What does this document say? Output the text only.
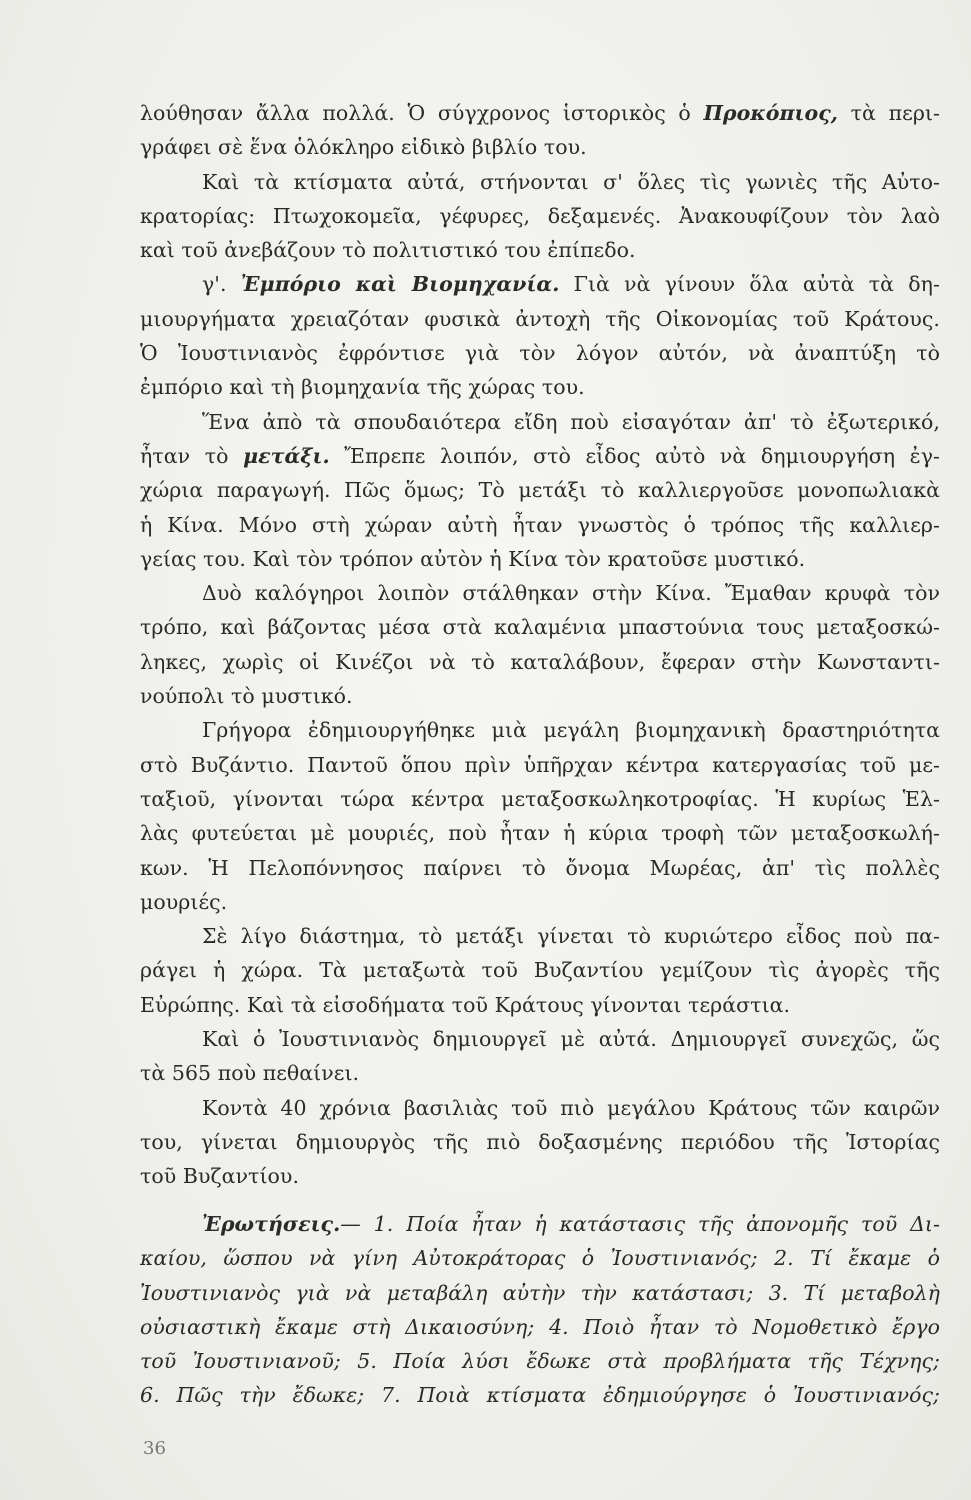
λούθησαν ἄλλα πολλά. Ὁ σύγχρονος ἱστορικὸς ὁ Προκόπιος, τὰ περι-
γράφει σὲ ἕνα ὁλόκληρο εἰδικὸ βιβλίο του.
Καὶ τὰ κτίσματα αὐτά, στήνονται σ' ὅλες τὶς γωνιὲς τῆς Αὐτο-
κρατορίας: Πτωχοκομεῖα, γέφυρες, δεξαμενές. Ἀνακουφίζουν τὸν λαὸ
καὶ τοῦ ἀνεβάζουν τὸ πολιτιστικό του ἐπίπεδο.
γ'. Ἐμπόριο καὶ Βιομηχανία. Γιὰ νὰ γίνουν ὅλα αὐτὰ τὰ δη-
μιουργήματα χρειαζόταν φυσικὰ ἀντοχὴ τῆς Οἰκονομίας τοῦ Κράτους.
Ὁ Ἰουστινιανὸς ἐφρόντισε γιὰ τὸν λόγον αὐτόν, νὰ ἀναπτύξη τὸ
ἐμπόριο καὶ τὴ βιομηχανία τῆς χώρας του.
Ἕνα ἀπὸ τὰ σπουδαιότερα εἴδη ποὺ εἰσαγόταν ἀπ' τὸ ἐξωτερικό,
ἦταν τὸ μετάξι. Ἔπρεπε λοιπόν, στὸ εἶδος αὐτὸ νὰ δημιουργήση ἐγ-
χώρια παραγωγή. Πῶς ὅμως; Τὸ μετάξι τὸ καλλιεργοῦσε μονοπωλιακὰ
ἡ Κίνα. Μόνο στὴ χώραν αὐτὴ ἦταν γνωστὸς ὁ τρόπος τῆς καλλιερ-
γείας του. Καὶ τὸν τρόπον αὐτὸν ἡ Κίνα τὸν κρατοῦσε μυστικό.
Δυὸ καλόγηροι λοιπὸν στάλθηκαν στὴν Κίνα. Ἔμαθαν κρυφὰ τὸν
τρόπο, καὶ βάζοντας μέσα στὰ καλαμένια μπαστούνια τους μεταξοσκώ-
ληκες, χωρὶς οἱ Κινέζοι νὰ τὸ καταλάβουν, ἔφεραν στὴν Κωνσταντι-
νούπολι τὸ μυστικό.
Γρήγορα ἐδημιουργήθηκε μιὰ μεγάλη βιομηχανικὴ δραστηριότητα
στὸ Βυζάντιο. Παντοῦ ὅπου πρὶν ὑπῆρχαν κέντρα κατεργασίας τοῦ με-
ταξιοῦ, γίνονται τώρα κέντρα μεταξοσκωληκοτροφίας. Ἡ κυρίως Ἑλ-
λὰς φυτεύεται μὲ μουριές, ποὺ ἦταν ἡ κύρια τροφὴ τῶν μεταξοσκωλή-
κων. Ἡ Πελοπόννησος παίρνει τὸ ὄνομα Μωρέας, ἀπ' τὶς πολλὲς
μουριές.
Σὲ λίγο διάστημα, τὸ μετάξι γίνεται τὸ κυριώτερο εἶδος ποὺ πα-
ράγει ἡ χώρα. Τὰ μεταξωτὰ τοῦ Βυζαντίου γεμίζουν τὶς ἀγορὲς τῆς
Εὐρώπης. Καὶ τὰ εἰσοδήματα τοῦ Κράτους γίνονται τεράστια.
Καὶ ὁ Ἰουστινιανὸς δημιουργεῖ μὲ αὐτά. Δημιουργεῖ συνεχῶς, ὥς
τὰ 565 ποὺ πεθαίνει.
Κοντὰ 40 χρόνια βασιλιὰς τοῦ πιὸ μεγάλου Κράτους τῶν καιρῶν
του, γίνεται δημιουργὸς τῆς πιὸ δοξασμένης περιόδου τῆς Ἱστορίας
τοῦ Βυζαντίου.
Ἐρωτήσεις.— 1. Ποία ἦταν ἡ κατάστασις τῆς ἀπονομῆς τοῦ Δι-
καίου, ὥσπου νὰ γίνη Αὐτοκράτορας ὁ Ἰουστινιανός; 2. Τί ἔκαμε ὁ
Ἰουστινιανὸς γιὰ νὰ μεταβάλη αὐτὴν τὴν κατάστασι; 3. Τί μεταβολὴ
οὐσιαστικὴ ἔκαμε στὴ Δικαιοσύνη; 4. Ποιὸ ἦταν τὸ Νομοθετικὸ ἔργο
τοῦ Ἰουστινιανοῦ; 5. Ποία λύσι ἔδωκε στὰ προβλήματα τῆς Τέχνης;
6. Πῶς τὴν ἔδωκε; 7. Ποιὰ κτίσματα ἐδημιούργησε ὁ Ἰουστινιανός;
36
